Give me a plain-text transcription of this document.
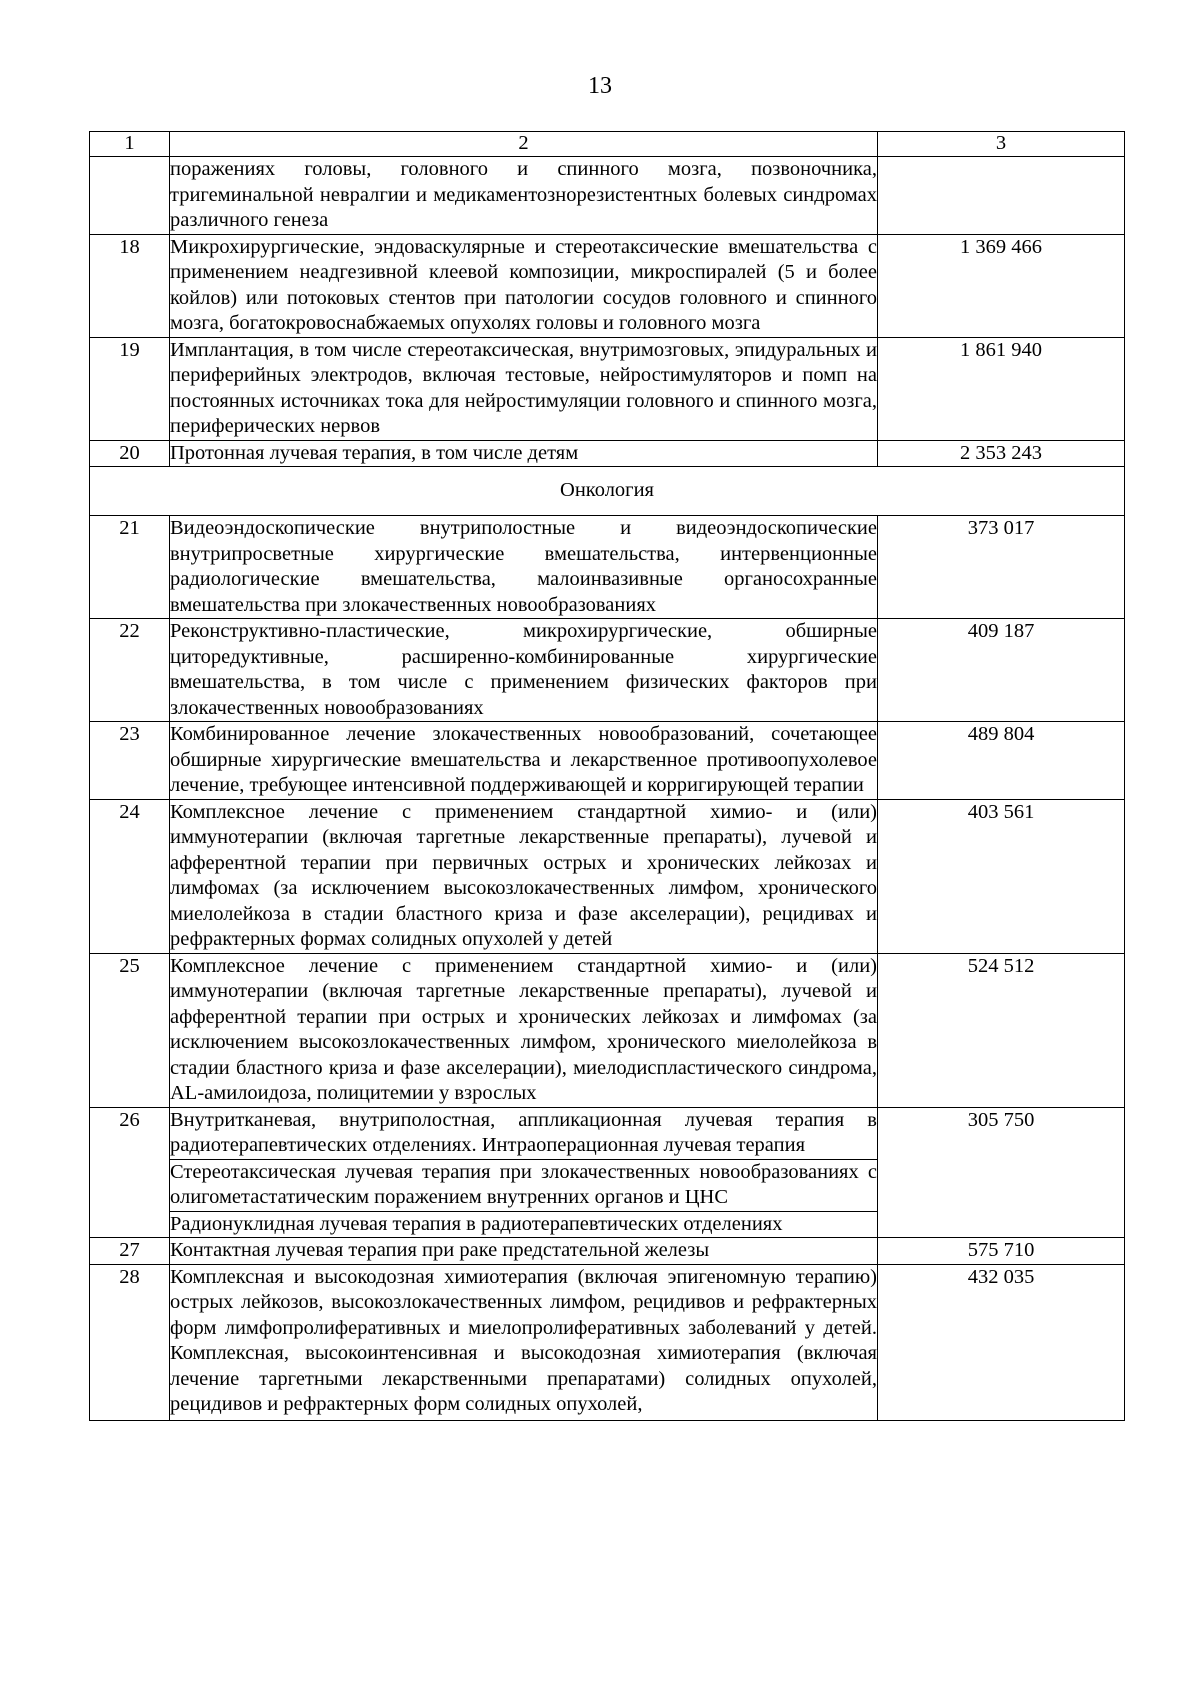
13
1	2	3
	поражениях головы, головного и спинного мозга, позвоночника, тригеминальной невралгии и медикаментознорезистентных болевых синдромах различного генеза	
18	Микрохирургические, эндоваскулярные и стереотаксические вмешательства с применением неадгезивной клеевой композиции, микроспиралей (5 и более койлов) или потоковых стентов при патологии сосудов головного и спинного мозга, богатокровоснабжаемых опухолях головы и головного мозга	1 369 466
19	Имплантация, в том числе стереотаксическая, внутримозговых, эпидуральных и периферийных электродов, включая тестовые, нейростимуляторов и помп на постоянных источниках тока для нейростимуляции головного и спинного мозга, периферических нервов	1 861 940
20	Протонная лучевая терапия, в том числе детям	2 353 243
Онкология		
21	Видеоэндоскопические внутриполостные и видеоэндоскопические внутрипросветные хирургические вмешательства, интервенционные радиологические вмешательства, малоинвазивные органосохранные вмешательства при злокачественных новообразованиях	373 017
22	Реконструктивно-пластические, микрохирургические, обширные циторедуктивные, расширенно-комбинированные хирургические вмешательства, в том числе с применением физических факторов при злокачественных новообразованиях	409 187
23	Комбинированное лечение злокачественных новообразований, сочетающее обширные хирургические вмешательства и лекарственное противоопухолевое лечение, требующее интенсивной поддерживающей и корригирующей терапии	489 804
24	Комплексное лечение с применением стандартной химио- и (или) иммунотерапии (включая таргетные лекарственные препараты), лучевой и афферентной терапии при первичных острых и хронических лейкозах и лимфомах (за исключением высокозлокачественных лимфом, хронического миелолейкоза в стадии бластного криза и фазе акселерации), рецидивах и рефрактерных формах солидных опухолей у детей	403 561
25	Комплексное лечение с применением стандартной химио- и (или) иммунотерапии (включая таргетные лекарственные препараты), лучевой и афферентной терапии при острых и хронических лейкозах и лимфомах (за исключением высокозлокачественных лимфом, хронического миелолейкоза в стадии бластного криза и фазе акселерации), миелодиспластического синдрома, AL-амилоидоза, полицитемии у взрослых	524 512
26	Внутритканевая, внутриполостная, аппликационная лучевая терапия в радиотерапевтических отделениях. Интраоперационная лучевая терапия	305 750
	Стереотаксическая лучевая терапия при злокачественных новообразованиях с олигометастатическим поражением внутренних органов и ЦНС	
	Радионуклидная лучевая терапия в радиотерапевтических отделениях	
27	Контактная лучевая терапия при раке предстательной железы	575 710
28	Комплексная и высокодозная химиотерапия (включая эпигеномную терапию) острых лейкозов, высокозлокачественных лимфом, рецидивов и рефрактерных форм лимфопролиферативных и миелопролиферативных заболеваний у детей. Комплексная, высокоинтенсивная и высокодозная химиотерапия (включая лечение таргетными лекарственными препаратами) солидных опухолей, рецидивов и рефрактерных форм солидных опухолей,	432 035
